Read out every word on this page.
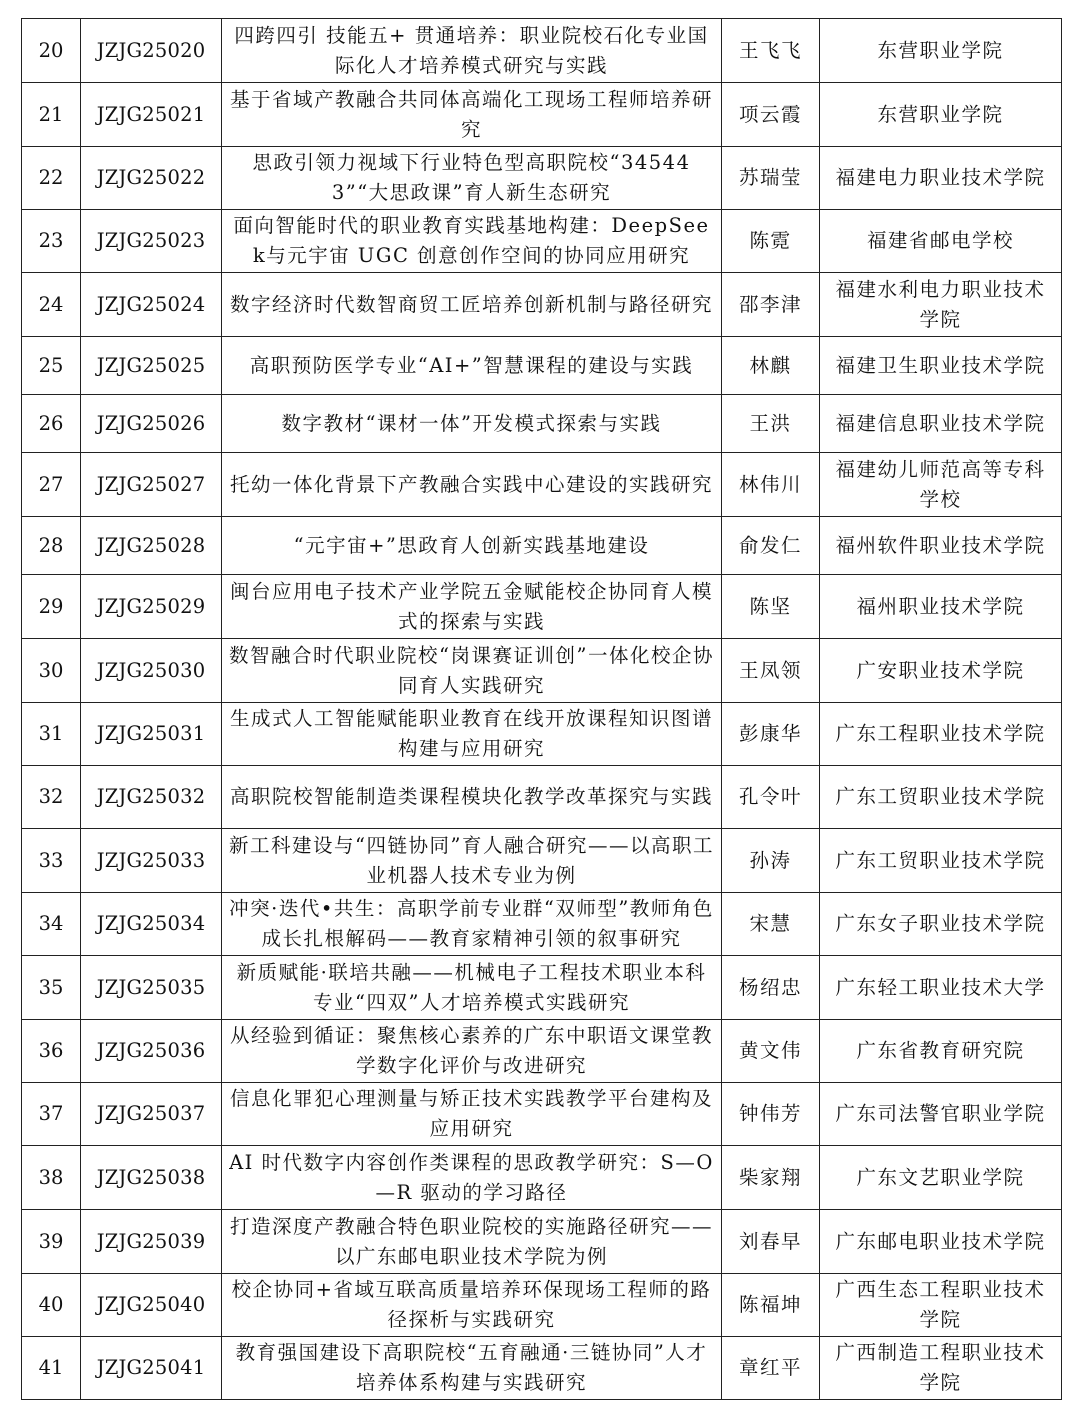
20	JZJG25020	四跨四引 技能五+ 贯通培养：职业院校石化专业国际化人才培养模式研究与实践	王飞飞	东营职业学院
21	JZJG25021	基于省域产教融合共同体高端化工现场工程师培养研究	项云霞	东营职业学院
22	JZJG25022	思政引领力视域下行业特色型高职院校“345443”“大思政课”育人新生态研究	苏瑞莹	福建电力职业技术学院
23	JZJG25023	面向智能时代的职业教育实践基地构建：DeepSeek与元宇宙 UGC 创意创作空间的协同应用研究	陈霓	福建省邮电学校
24	JZJG25024	数字经济时代数智商贸工匠培养创新机制与路径研究	邵李津	福建水利电力职业技术学院
25	JZJG25025	高职预防医学专业“AI+”智慧课程的建设与实践	林麒	福建卫生职业技术学院
26	JZJG25026	数字教材“课材一体”开发模式探索与实践	王洪	福建信息职业技术学院
27	JZJG25027	托幼一体化背景下产教融合实践中心建设的实践研究	林伟川	福建幼儿师范高等专科学校
28	JZJG25028	“元宇宙+”思政育人创新实践基地建设	俞发仁	福州软件职业技术学院
29	JZJG25029	闽台应用电子技术产业学院五金赋能校企协同育人模式的探索与实践	陈坚	福州职业技术学院
30	JZJG25030	数智融合时代职业院校“岗课赛证训创”一体化校企协同育人实践研究	王凤领	广安职业技术学院
31	JZJG25031	生成式人工智能赋能职业教育在线开放课程知识图谱构建与应用研究	彭康华	广东工程职业技术学院
32	JZJG25032	高职院校智能制造类课程模块化教学改革探究与实践	孔令叶	广东工贸职业技术学院
33	JZJG25033	新工科建设与“四链协同”育人融合研究——以高职工业机器人技术专业为例	孙涛	广东工贸职业技术学院
34	JZJG25034	冲突·迭代•共生：高职学前专业群“双师型”教师角色成长扎根解码——教育家精神引领的叙事研究	宋慧	广东女子职业技术学院
35	JZJG25035	新质赋能·联培共融——机械电子工程技术职业本科专业“四双”人才培养模式实践研究	杨绍忠	广东轻工职业技术大学
36	JZJG25036	从经验到循证：聚焦核心素养的广东中职语文课堂教学数字化评价与改进研究	黄文伟	广东省教育研究院
37	JZJG25037	信息化罪犯心理测量与矫正技术实践教学平台建构及应用研究	钟伟芳	广东司法警官职业学院
38	JZJG25038	AI 时代数字内容创作类课程的思政教学研究：S—O—R 驱动的学习路径	柴家翔	广东文艺职业学院
39	JZJG25039	打造深度产教融合特色职业院校的实施路径研究——以广东邮电职业技术学院为例	刘春早	广东邮电职业技术学院
40	JZJG25040	校企协同+省域互联高质量培养环保现场工程师的路径探析与实践研究	陈福坤	广西生态工程职业技术学院
41	JZJG25041	教育强国建设下高职院校“五育融通·三链协同”人才培养体系构建与实践研究	章红平	广西制造工程职业技术学院
